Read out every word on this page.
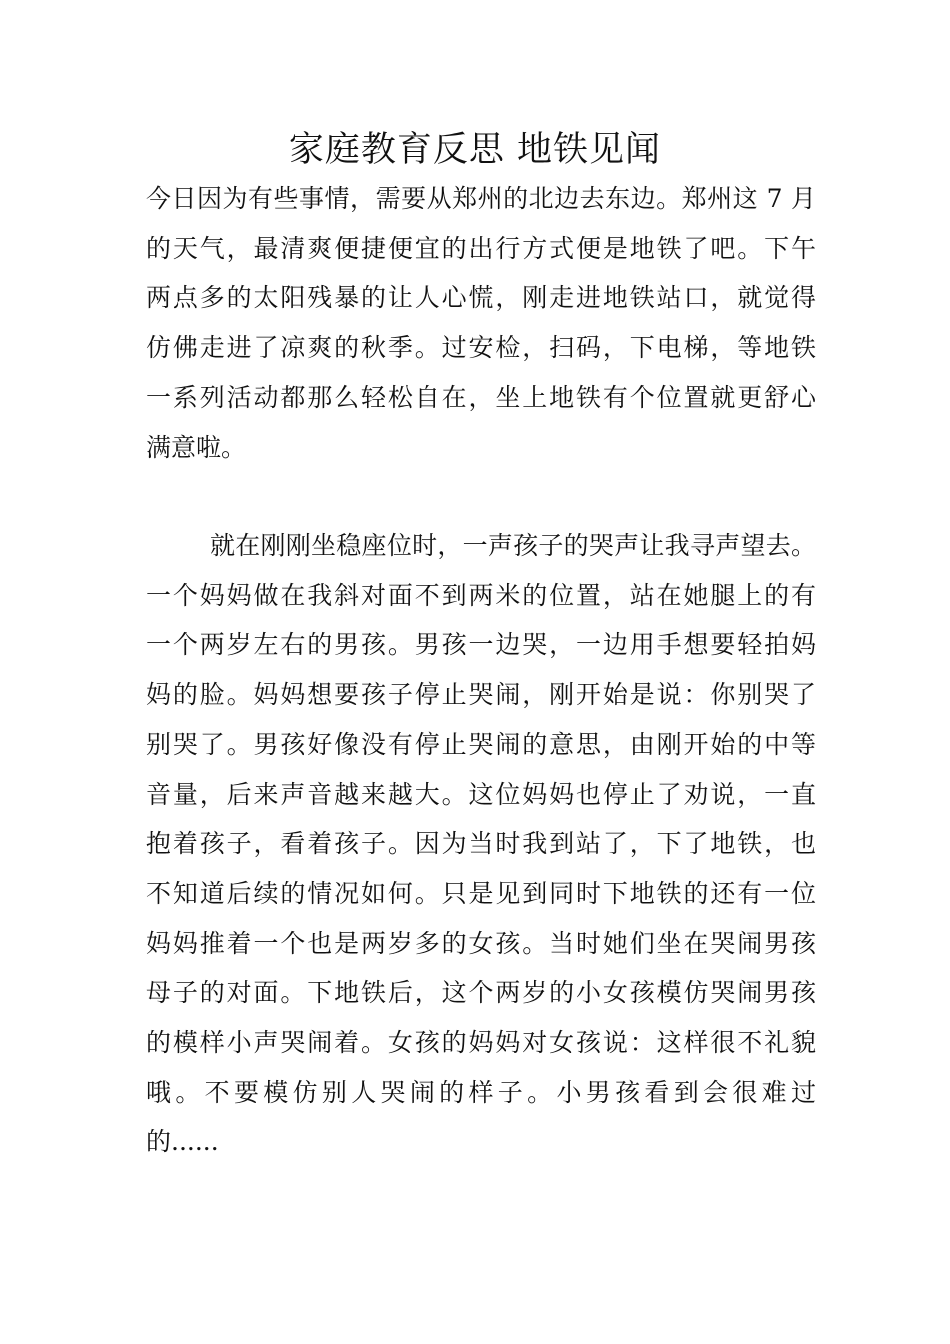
家庭教育反思 地铁见闻
今日因为有些事情，需要从郑州的北边去东边。郑州这 7 月
的天气，最清爽便捷便宜的出行方式便是地铁了吧。下午
两点多的太阳残暴的让人心慌，刚走进地铁站口，就觉得
仿佛走进了凉爽的秋季。过安检，扫码，下电梯，等地铁
一系列活动都那么轻松自在，坐上地铁有个位置就更舒心
满意啦。
就在刚刚坐稳座位时，一声孩子的哭声让我寻声望去。
一个妈妈做在我斜对面不到两米的位置，站在她腿上的有
一个两岁左右的男孩。男孩一边哭，一边用手想要轻拍妈
妈的脸。妈妈想要孩子停止哭闹，刚开始是说：你别哭了
别哭了。男孩好像没有停止哭闹的意思，由刚开始的中等
音量，后来声音越来越大。这位妈妈也停止了劝说，一直
抱着孩子，看着孩子。因为当时我到站了，下了地铁，也
不知道后续的情况如何。只是见到同时下地铁的还有一位
妈妈推着一个也是两岁多的女孩。当时她们坐在哭闹男孩
母子的对面。下地铁后，这个两岁的小女孩模仿哭闹男孩
的模样小声哭闹着。女孩的妈妈对女孩说：这样很不礼貌
哦。不要模仿别人哭闹的样子。小男孩看到会很难过
的......
